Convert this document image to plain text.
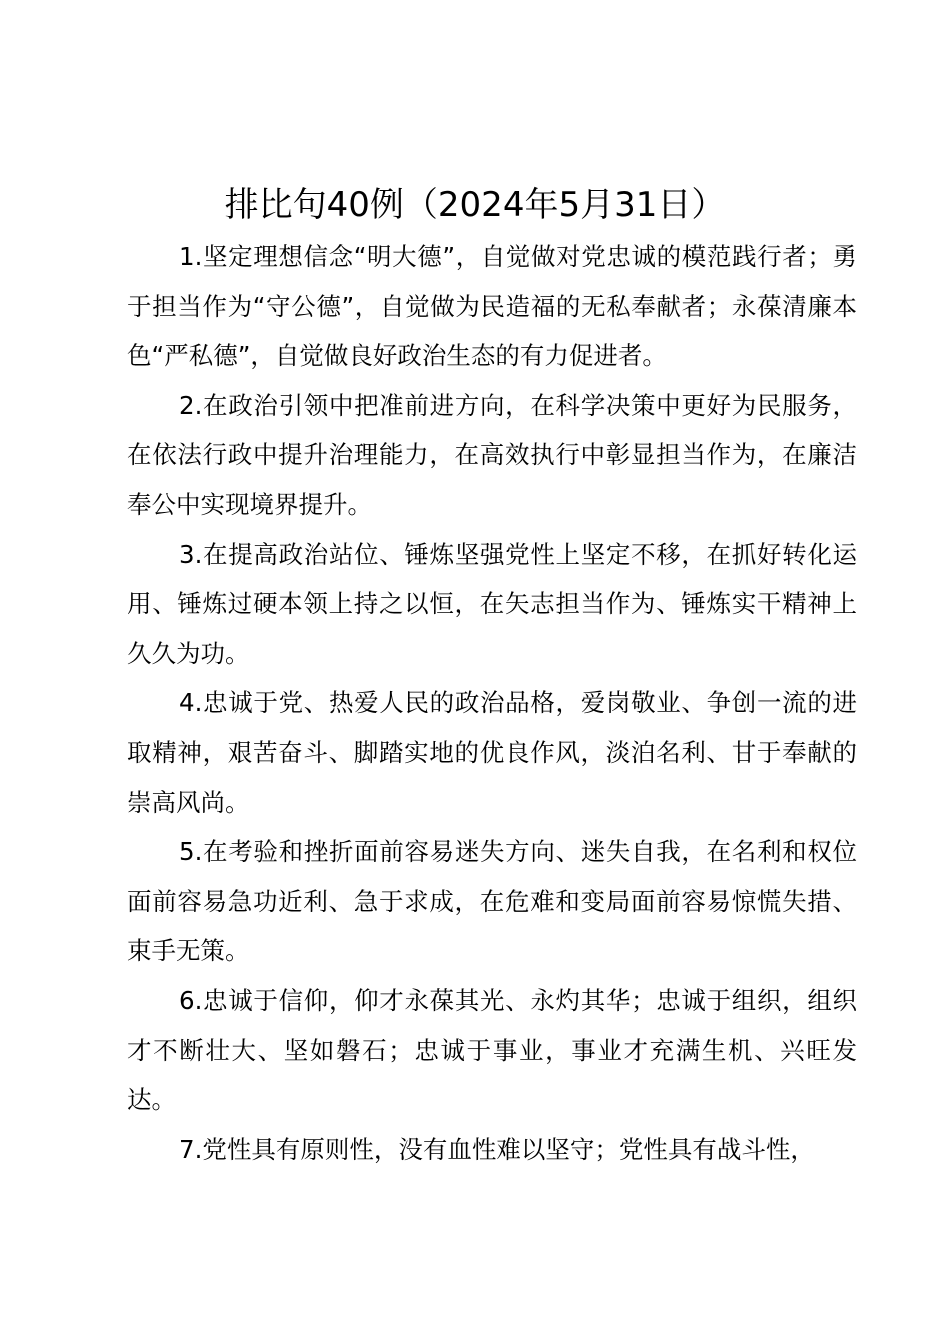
排比句40例（2024年5月31日）

1.坚定理想信念“明大德”，自觉做对党忠诚的模范践行者；勇于担当作为“守公德”，自觉做为民造福的无私奉献者；永葆清廉本色“严私德”，自觉做良好政治生态的有力促进者。

2.在政治引领中把准前进方向，在科学决策中更好为民服务，在依法行政中提升治理能力，在高效执行中彰显担当作为，在廉洁奉公中实现境界提升。

3.在提高政治站位、锤炼坚强党性上坚定不移，在抓好转化运用、锤炼过硬本领上持之以恒，在矢志担当作为、锤炼实干精神上久久为功。

4.忠诚于党、热爱人民的政治品格，爱岗敬业、争创一流的进取精神，艰苦奋斗、脚踏实地的优良作风，淡泊名利、甘于奉献的崇高风尚。

5.在考验和挫折面前容易迷失方向、迷失自我，在名利和权位面前容易急功近利、急于求成，在危难和变局面前容易惊慌失措、束手无策。

6.忠诚于信仰，仰才永葆其光、永灼其华；忠诚于组织，组织才不断壮大、坚如磐石；忠诚于事业，事业才充满生机、兴旺发达。

7.党性具有原则性，没有血性难以坚守；党性具有战斗性，
